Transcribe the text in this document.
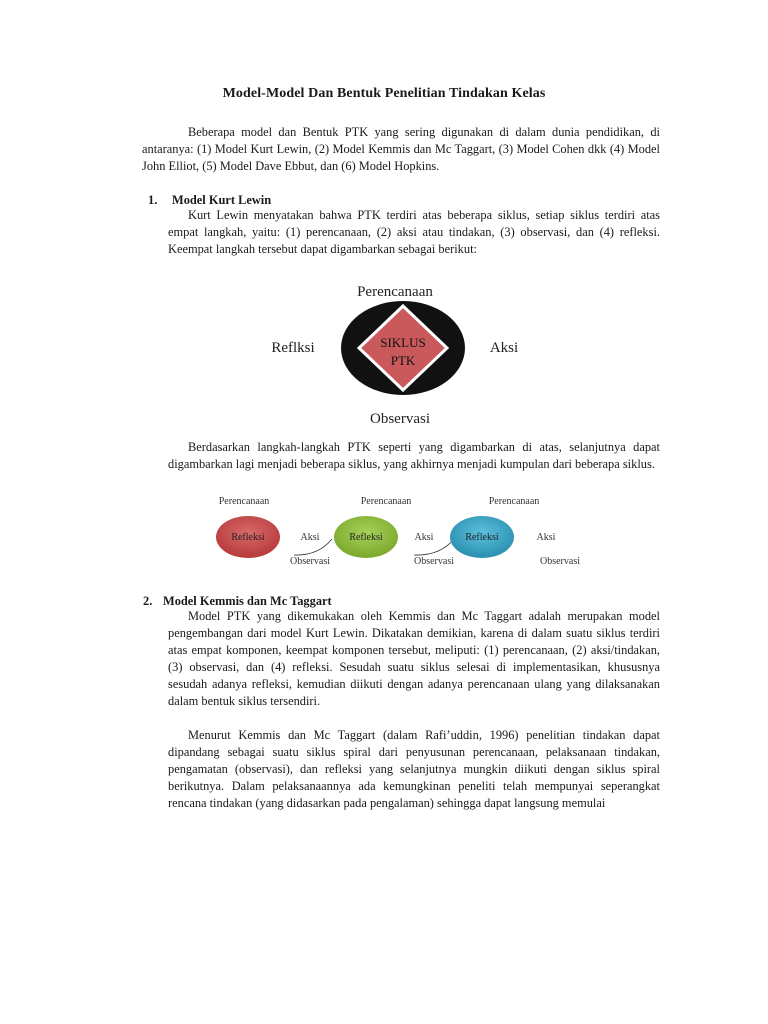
Model-Model Dan Bentuk Penelitian Tindakan Kelas

Beberapa model dan Bentuk PTK yang sering digunakan di dalam dunia pendidikan, di antaranya: (1) Model Kurt Lewin, (2) Model Kemmis dan Mc Taggart, (3) Model Cohen dkk (4) Model John Elliot, (5) Model Dave Ebbut, dan (6) Model Hopkins.

1. Model Kurt Lewin

Kurt Lewin menyatakan bahwa PTK terdiri atas beberapa siklus, setiap siklus terdiri atas empat langkah, yaitu: (1) perencanaan, (2) aksi atau tindakan, (3) observasi, dan (4) refleksi. Keempat langkah tersebut dapat digambarkan sebagai berikut:

Perencanaan
SIKLUS
PTK
Reflksi	Aksi
Observasi

Berdasarkan langkah-langkah PTK seperti yang digambarkan di atas, selanjutnya dapat digambarkan lagi menjadi beberapa siklus, yang akhirnya menjadi kumpulan dari beberapa siklus.

Perencanaan
Refleksi	Aksi
Observasi
Perencanaan
Refleksi	Aksi
Observasi
Perencanaan
Refleksi	Aksi
Observasi
2. Model Kemmis dan Mc Taggart

Model PTK yang dikemukakan oleh Kemmis dan Mc Taggart adalah merupakan model pengembangan dari model Kurt Lewin. Dikatakan demikian, karena di dalam suatu siklus terdiri atas empat komponen, keempat komponen tersebut, meliputi: (1) perencanaan, (2) aksi/tindakan, (3) observasi, dan (4) refleksi. Sesudah suatu siklus selesai di implementasikan, khususnya sesudah adanya refleksi, kemudian diikuti dengan adanya perencanaan ulang yang dilaksanakan dalam bentuk siklus tersendiri.

Menurut Kemmis dan Mc Taggart (dalam Rafi’uddin, 1996) penelitian tindakan dapat dipandang sebagai suatu siklus spiral dari penyusunan perencanaan, pelaksanaan tindakan, pengamatan (observasi), dan refleksi yang selanjutnya mungkin diikuti dengan siklus spiral berikutnya. Dalam pelaksanaannya ada kemungkinan peneliti telah mempunyai seperangkat rencana tindakan (yang didasarkan pada pengalaman) sehingga dapat langsung memulai
